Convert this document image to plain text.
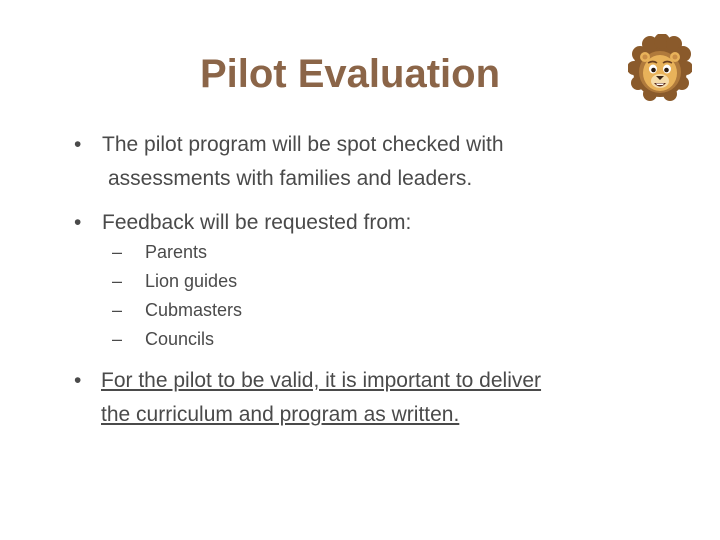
Pilot Evaluation
• The pilot program will be spot checked with
assessments with families and leaders.
• Feedback will be requested from:
– Parents
– Lion guides
– Cubmasters
– Councils
• For the pilot to be valid, it is important to deliver
the curriculum and program as written.
